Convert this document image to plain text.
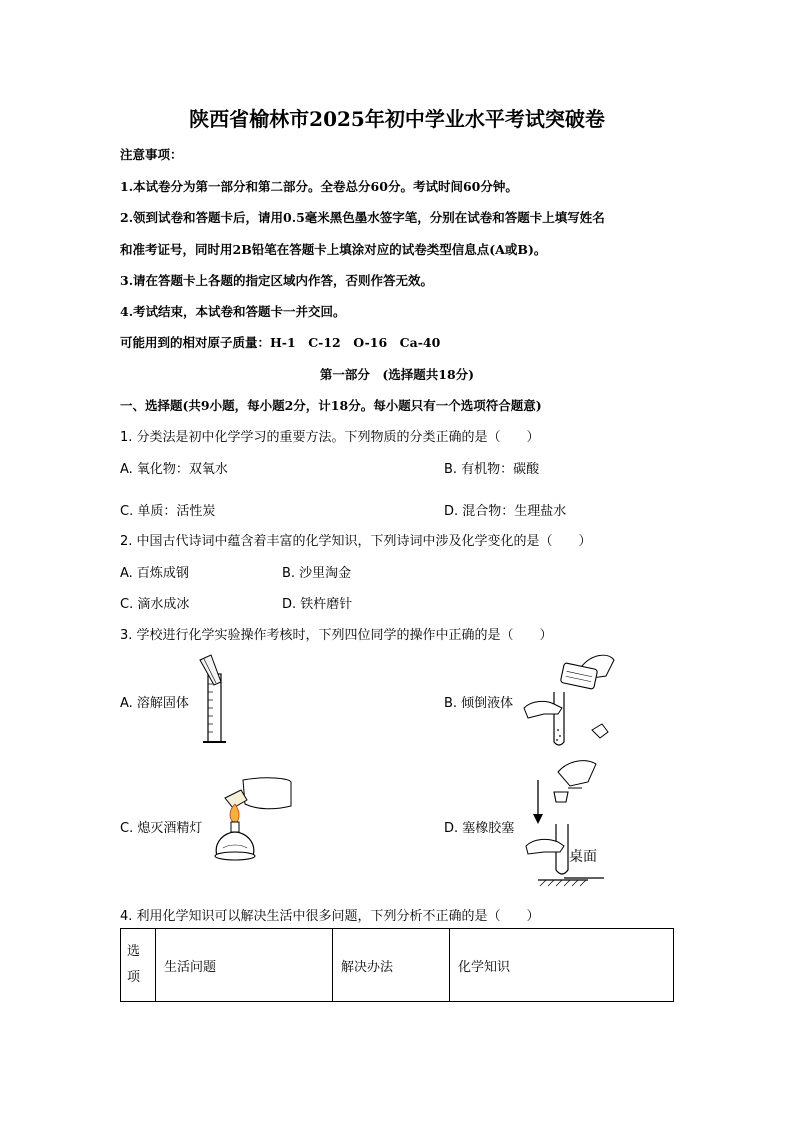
陕西省榆林市2025年初中学业水平考试突破卷
注意事项：
1.本试卷分为第一部分和第二部分。全卷总分60分。考试时间60分钟。
2.领到试卷和答题卡后，请用0.5毫米黑色墨水签字笔，分别在试卷和答题卡上填写姓名
和准考证号，同时用2B铅笔在答题卡上填涂对应的试卷类型信息点(A或B)。
3.请在答题卡上各题的指定区域内作答，否则作答无效。
4.考试结束，本试卷和答题卡一并交回。
可能用到的相对原子质量：H-1　C-12　O-16　Ca-40
第一部分　(选择题共18分)
一、选择题(共9小题，每小题2分，计18分。每小题只有一个选项符合题意)
1. 分类法是初中化学学习的重要方法。下列物质的分类正确的是（　　）
A. 氧化物：双氧水	B. 有机物：碳酸
C. 单质：活性炭	D. 混合物：生理盐水
2. 中国古代诗词中蕴含着丰富的化学知识，下列诗词中涉及化学变化的是（　　）
A. 百炼成钢	B. 沙里淘金
C. 滴水成冰	D. 铁杵磨针
3. 学校进行化学实验操作考核时，下列四位同学的操作中正确的是（　　）
A. 溶解固体	B. 倾倒液体
C. 熄灭酒精灯	D. 塞橡胶塞
桌面
4. 利用化学知识可以解决生活中很多问题，下列分析不正确的是（　　）
选项	生活问题	解决办法	化学知识
